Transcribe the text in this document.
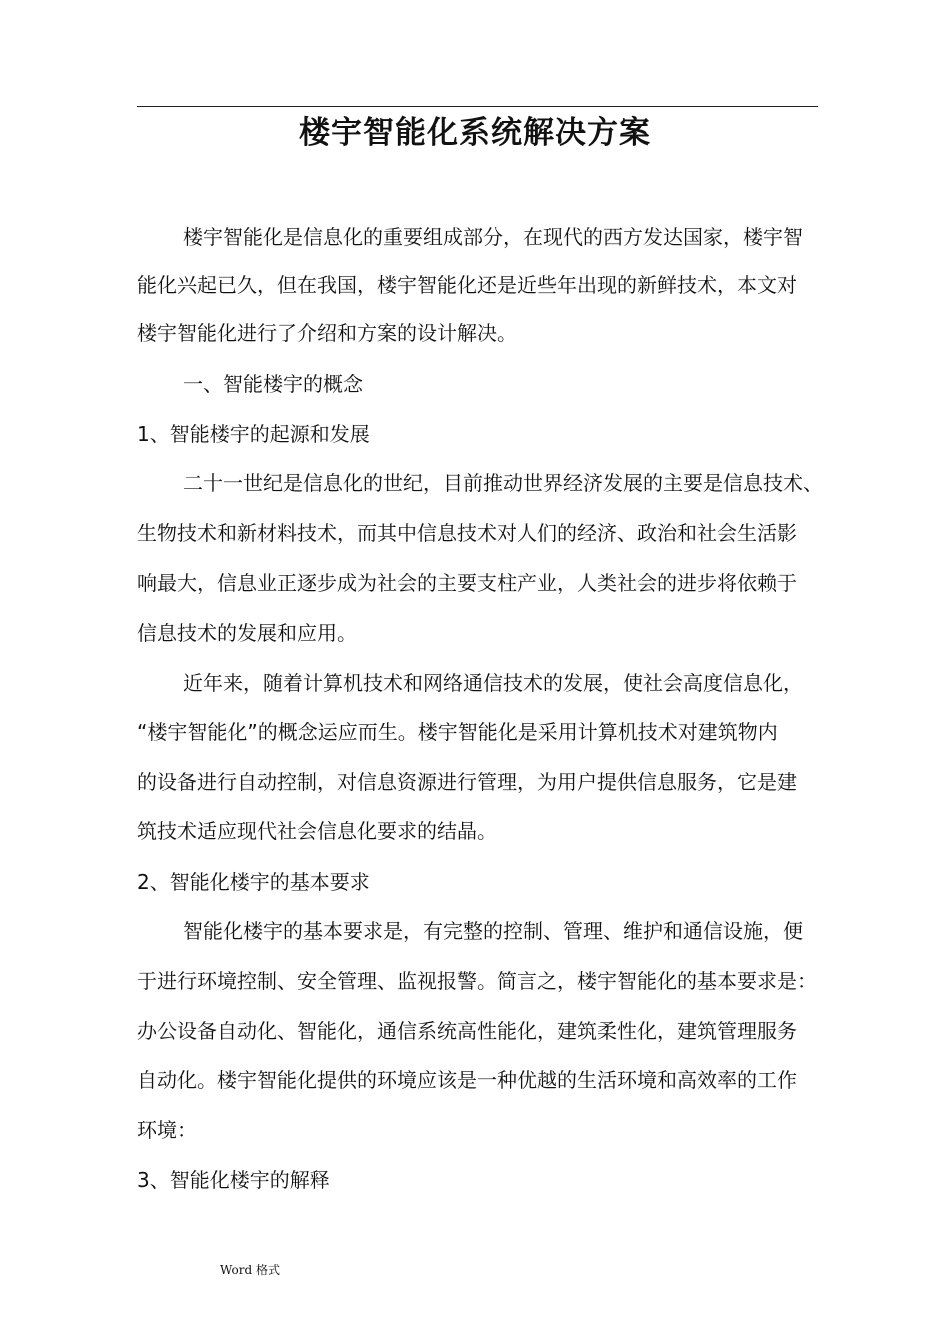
楼宇智能化系统解决方案
楼宇智能化是信息化的重要组成部分，在现代的西方发达国家，楼宇智
能化兴起已久，但在我国，楼宇智能化还是近些年出现的新鲜技术，本文对
楼宇智能化进行了介绍和方案的设计解决。
一、智能楼宇的概念
1、智能楼宇的起源和发展
二十一世纪是信息化的世纪，目前推动世界经济发展的主要是信息技术、
生物技术和新材料技术，而其中信息技术对人们的经济、政治和社会生活影
响最大，信息业正逐步成为社会的主要支柱产业，人类社会的进步将依赖于
信息技术的发展和应用。
近年来，随着计算机技术和网络通信技术的发展，使社会高度信息化，
“楼宇智能化”的概念运应而生。楼宇智能化是采用计算机技术对建筑物内
的设备进行自动控制，对信息资源进行管理，为用户提供信息服务，它是建
筑技术适应现代社会信息化要求的结晶。
2、智能化楼宇的基本要求
智能化楼宇的基本要求是，有完整的控制、管理、维护和通信设施，便
于进行环境控制、安全管理、监视报警。简言之，楼宇智能化的基本要求是：
办公设备自动化、智能化，通信系统高性能化，建筑柔性化，建筑管理服务
自动化。楼宇智能化提供的环境应该是一种优越的生活环境和高效率的工作
环境：
3、智能化楼宇的解释
Word 格式
